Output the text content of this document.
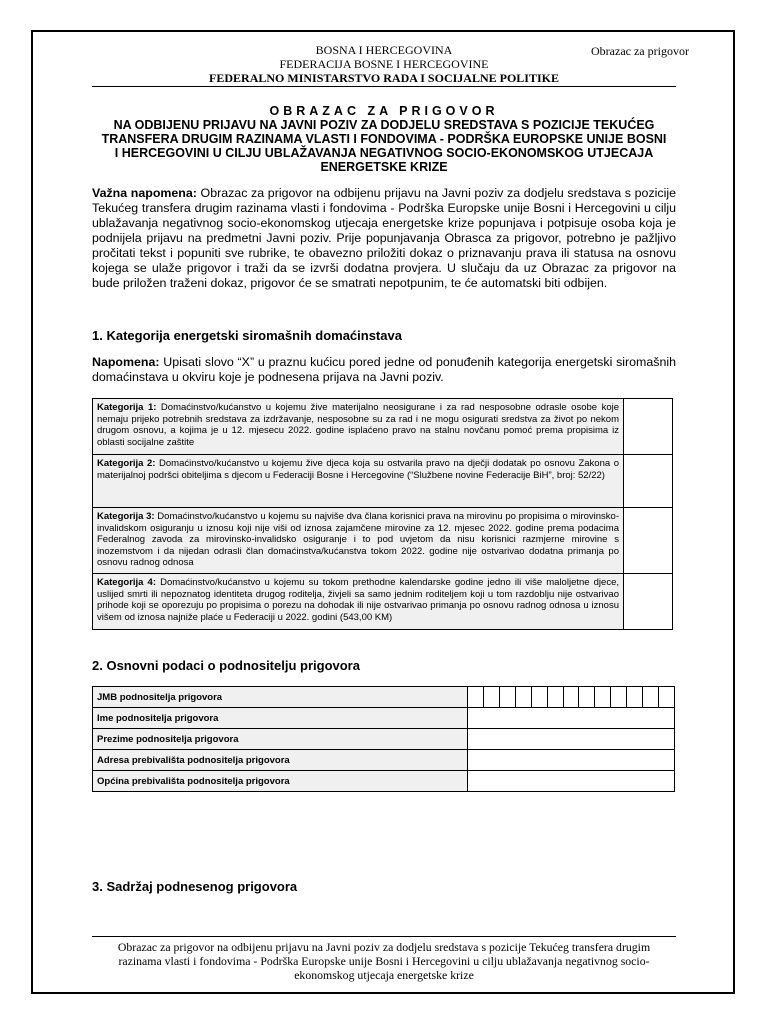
BOSNA I HERCEGOVINA
FEDERACIJA BOSNE I HERCEGOVINE
FEDERALNO MINISTARSTVO RADA I SOCIJALNE POLITIKE
Obrazac za prigovor
OBRAZAC ZA PRIGOVOR
NA ODBIJENU PRIJAVU NA JAVNI POZIV ZA DODJELU SREDSTAVA S POZICIJE TEKUĆEG
TRANSFERA DRUGIM RAZINAMA VLASTI I FONDOVIMA - PODRŠKA EUROPSKE UNIJE BOSNI
I HERCEGOVINI U CILJU UBLAŽAVANJA NEGATIVNOG SOCIO-EKONOMSKOG UTJECAJA
ENERGETSKE KRIZE
Važna napomena: Obrazac za prigovor na odbijenu prijavu na Javni poziv za dodjelu sredstava s pozicije Tekućeg transfera drugim razinama vlasti i fondovima - Podrška Europske unije Bosni i Hercegovini u cilju ublažavanja negativnog socio-ekonomskog utjecaja energetske krize popunjava i potpisuje osoba koja je podnijela prijavu na predmetni Javni poziv. Prije popunjavanja Obrasca za prigovor, potrebno je pažljivo pročitati tekst i popuniti sve rubrike, te obavezno priložiti dokaz o priznavanju prava ili statusa na osnovu kojega se ulaže prigovor i traži da se izvrši dodatna provjera. U slučaju da uz Obrazac za prigovor na bude priložen traženi dokaz, prigovor će se smatrati nepotpunim, te će automatski biti odbijen.
1. Kategorija energetski siromašnih domaćinstava
Napomena: Upisati slovo “X” u praznu kućicu pored jedne od ponuđenih kategorija energetski siromašnih domaćinstava u okviru koje je podnesena prijava na Javni poziv.
Kategorija 1: Domaćinstvo/kućanstvo u kojemu žive materijalno neosigurane i za rad nesposobne odrasle osobe koje nemaju prijeko potrebnih sredstava za izdržavanje, nesposobne su za rad i ne mogu osigurati sredstva za život po nekom drugom osnovu, a kojima je u 12. mjesecu 2022. godine isplaćeno pravo na stalnu novčanu pomoć prema propisima iz oblasti socijalne zaštite	
Kategorija 2: Domaćinstvo/kućanstvo u kojemu žive djeca koja su ostvarila pravo na dječji dodatak po osnovu Zakona o materijalnoj podršci obiteljima s djecom u Federaciji Bosne i Hercegovine (“Službene novine Federacije BiH”, broj: 52/22)	
Kategorija 3: Domaćinstvo/kućanstvo u kojemu su najviše dva člana korisnici prava na mirovinu po propisima o mirovinsko-invalidskom osiguranju u iznosu koji nije viši od iznosa zajamčene mirovine za 12. mjesec 2022. godine prema podacima Federalnog zavoda za mirovinsko-invalidsko osiguranje i to pod uvjetom da nisu korisnici razmjerne mirovine s inozemstvom i da nijedan odrasli član domaćinstva/kućanstva tokom 2022. godine nije ostvarivao dodatna primanja po osnovu radnog odnosa	
Kategorija 4: Domaćinstvo/kućanstvo u kojemu su tokom prethodne kalendarske godine jedno ili više maloljetne djece, uslijed smrti ili nepoznatog identiteta drugog roditelja, živjeli sa samo jednim roditeljem koji u tom razdoblju nije ostvarivao prihode koji se oporezuju po propisima o porezu na dohodak ili nije ostvarivao primanja po osnovu radnog odnosa u iznosu višem od iznosa najniže plaće u Federaciji u 2022. godini (543,00 KM)	
2. Osnovni podaci o podnositelju prigovora
JMB podnositelja prigovora	

Ime podnositelja prigovora	
Prezime podnositelja prigovora	
Adresa prebivališta podnositelja prigovora	
Općina prebivališta podnositelja prigovora	
3. Sadržaj podnesenog prigovora
Obrazac za prigovor na odbijenu prijavu na Javni poziv za dodjelu sredstava s pozicije Tekućeg transfera drugim
razinama vlasti i fondovima - Podrška Europske unije Bosni i Hercegovini u cilju ublažavanja negativnog socio-
ekonomskog utjecaja energetske krize
